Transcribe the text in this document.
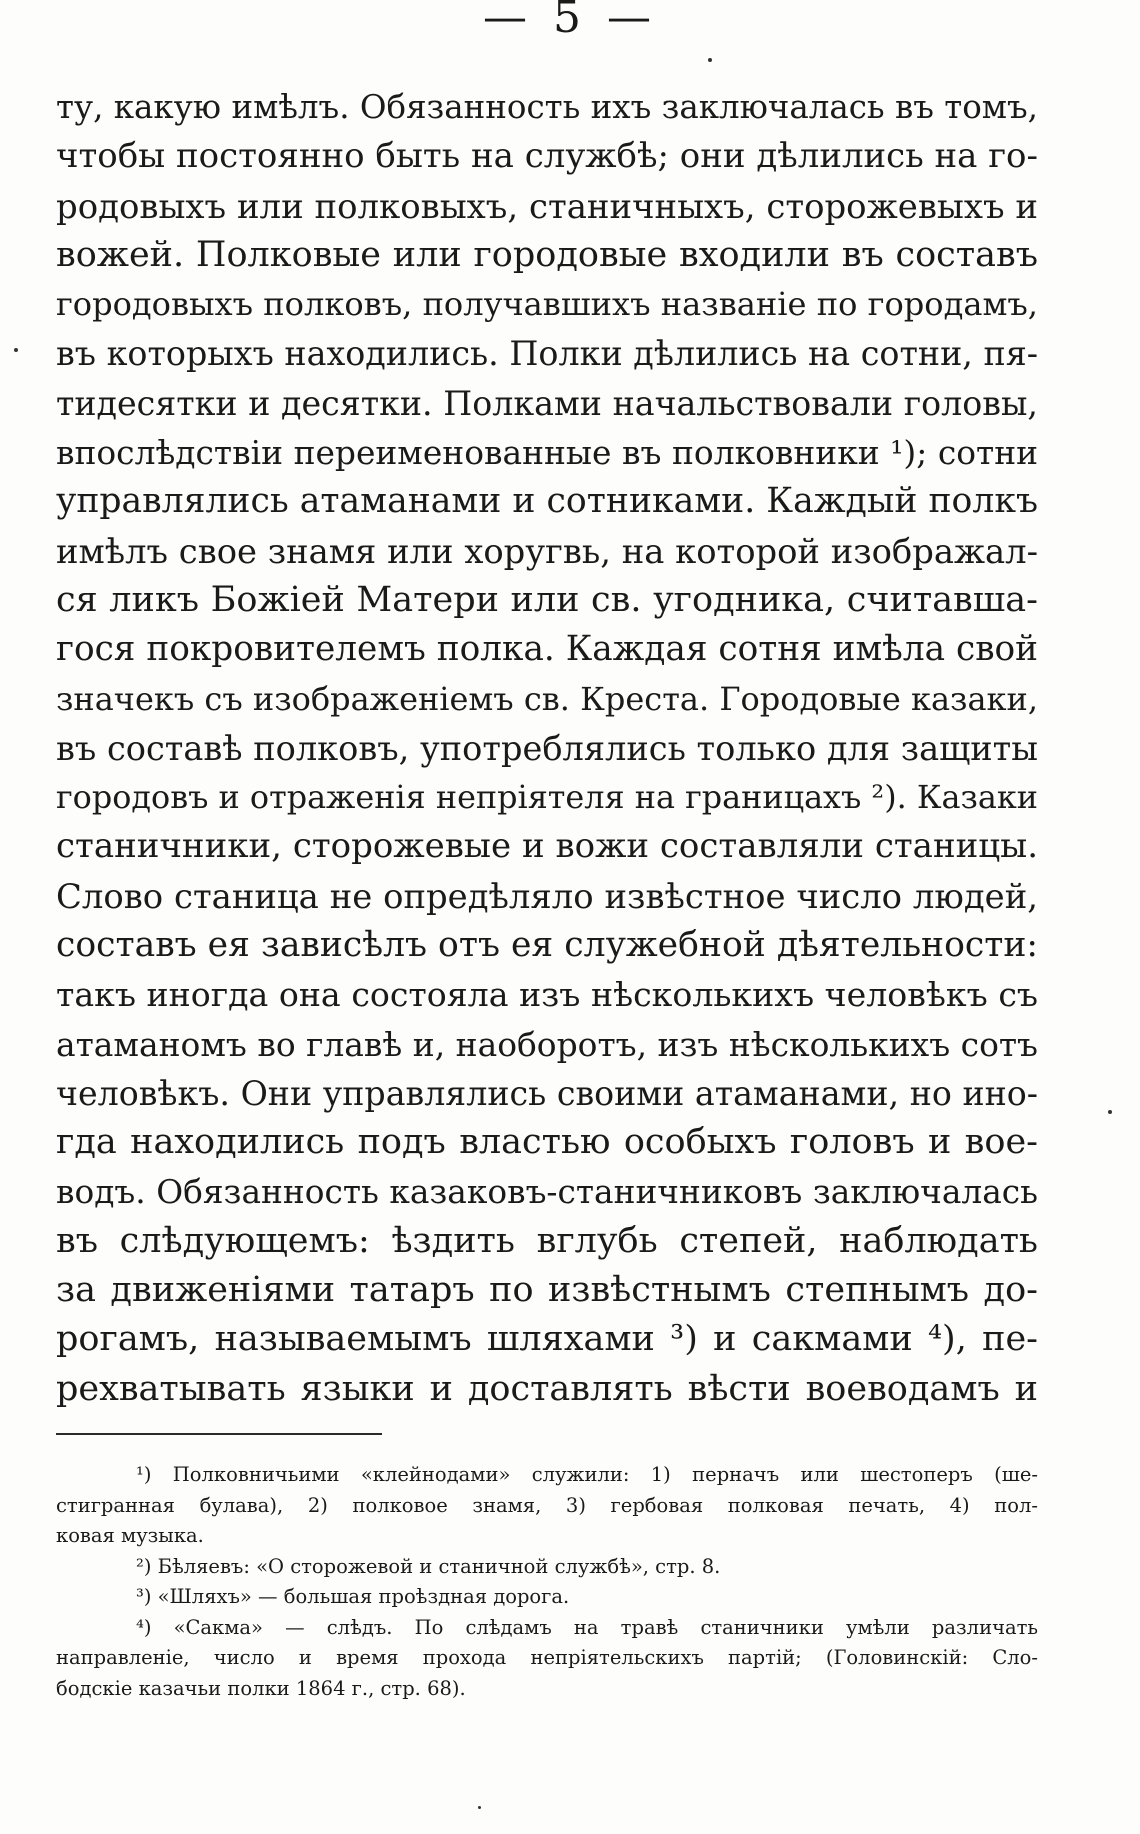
— 5 —
ту, какую имѣлъ. Обязанность ихъ заключалась въ томъ,
чтобы постоянно быть на службѣ; они дѣлились на го-
родовыхъ или полковыхъ, станичныхъ, сторожевыхъ и
вожей. Полковые или городовые входили въ составъ
городовыхъ полковъ, получавшихъ названіе по городамъ,
въ которыхъ находились. Полки дѣлились на сотни, пя-
тидесятки и десятки. Полками начальствовали головы,
впослѣдствіи переименованные въ полковники ¹); сотни
управлялись атаманами и сотниками. Каждый полкъ
имѣлъ свое знамя или хоругвь, на которой изображал-
ся ликъ Божіей Матери или св. угодника, считавша-
гося покровителемъ полка. Каждая сотня имѣла свой
значекъ съ изображеніемъ св. Креста. Городовые казаки,
въ составѣ полковъ, употреблялись только для защиты
городовъ и отраженія непріятеля на границахъ ²). Казаки
станичники, сторожевые и вожи составляли станицы.
Слово станица не опредѣляло извѣстное число людей,
составъ ея зависѣлъ отъ ея служебной дѣятельности:
такъ иногда она состояла изъ нѣсколькихъ человѣкъ съ
атаманомъ во главѣ и, наоборотъ, изъ нѣсколькихъ сотъ
человѣкъ. Они управлялись своими атаманами, но ино-
гда находились подъ властью особыхъ головъ и вое-
водъ. Обязанность казаковъ-станичниковъ заключалась
въ слѣдующемъ: ѣздить вглубь степей, наблюдать
за движеніями татаръ по извѣстнымъ степнымъ до-
рогамъ, называемымъ шляхами ³) и сакмами ⁴), пе-
рехватывать языки и доставлять вѣсти воеводамъ и
¹) Полковничьими «клейнодами» служили: 1) перначъ или шестоперъ (ше-
стигранная булава), 2) полковое знамя, 3) гербовая полковая печать, 4) пол-
ковая музыка.
²) Бѣляевъ: «О сторожевой и станичной службѣ», стр. 8.
³) «Шляхъ» — большая проѣздная дорога.
⁴) «Сакма» — слѣдъ. По слѣдамъ на травѣ станичники умѣли различать
направленіе, число и время прохода непріятельскихъ партій; (Головинскій: Сло-
бодскіе казачьи полки 1864 г., стр. 68).
